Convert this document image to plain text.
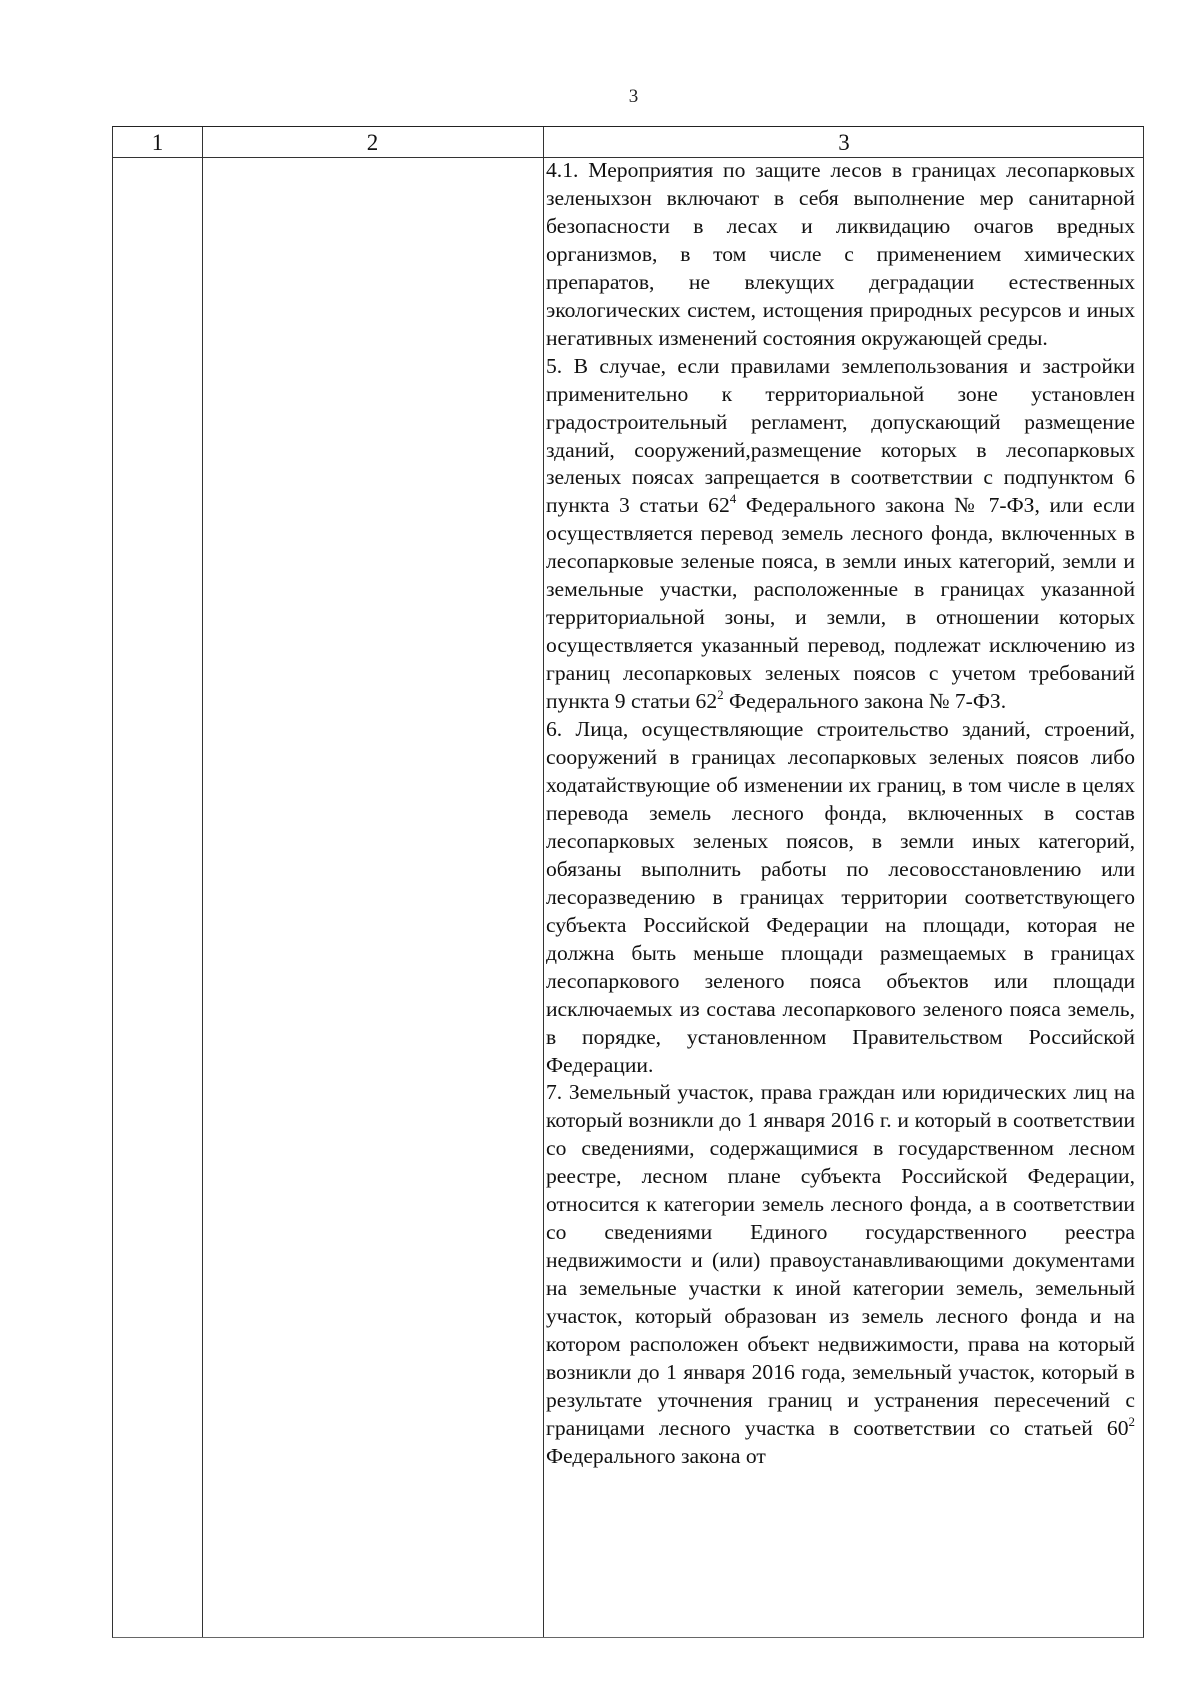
3
1	2	3

4.1. Мероприятия по защите лесов в границах лесопарковых зеленыхзон включают в себя выполнение мер санитарной безопасности в лесах и ликвидацию очагов вредных организмов, в том числе с применением химических препаратов, не влекущих деградации естественных экологических систем, истощения природных ресурсов и иных негативных изменений состояния окружающей среды.

5. В случае, если правилами землепользования и застройки применительно к территориальной зоне установлен градостроительный регламент, допускающий размещение зданий, сооружений,размещение которых в лесопарковых зеленых поясах запрещается в соответствии с подпунктом 6 пункта 3 статьи $62^4$ Федерального закона № 7-ФЗ, или если осуществляется перевод земель лесного фонда, включенных в лесопарковые зеленые пояса, в земли иных категорий, земли и земельные участки, расположенные в границах указанной территориальной зоны, и земли, в отношении которых осуществляется указанный перевод, подлежат исключению из границ лесопарковых зеленых поясов с учетом требований пункта 9 статьи $62^2$ Федерального закона № 7-ФЗ.

6. Лица, осуществляющие строительство зданий, строений, сооружений в границах лесопарковых зеленых поясов либо ходатайствующие об изменении их границ, в том числе в целях перевода земель лесного фонда, включенных в состав лесопарковых зеленых поясов, в земли иных категорий, обязаны выполнить работы по лесовосстановлению или лесоразведению в границах территории соответствующего субъекта Российской Федерации на площади, которая не должна быть меньше площади размещаемых в границах лесопаркового зеленого пояса объектов или площади исключаемых из состава лесопаркового зеленого пояса земель, в порядке, установленном Правительством Российской Федерации.

7. Земельный участок, права граждан или юридических лиц на который возникли до 1 января 2016 г. и который в соответствии со сведениями, содержащимися в государственном лесном реестре, лесном плане субъекта Российской Федерации, относится к категории земель лесного фонда, а в соответствии со сведениями Единого государственного реестра недвижимости и (или) правоустанавливающими документами на земельные участки к иной категории земель, земельный участок, который образован из земель лесного фонда и на котором расположен объект недвижимости, права на который возникли до 1 января 2016 года, земельный участок, который в результате уточнения границ и устранения пересечений с границами лесного участка в соответствии со статьей $60^2$ Федерального закона от
